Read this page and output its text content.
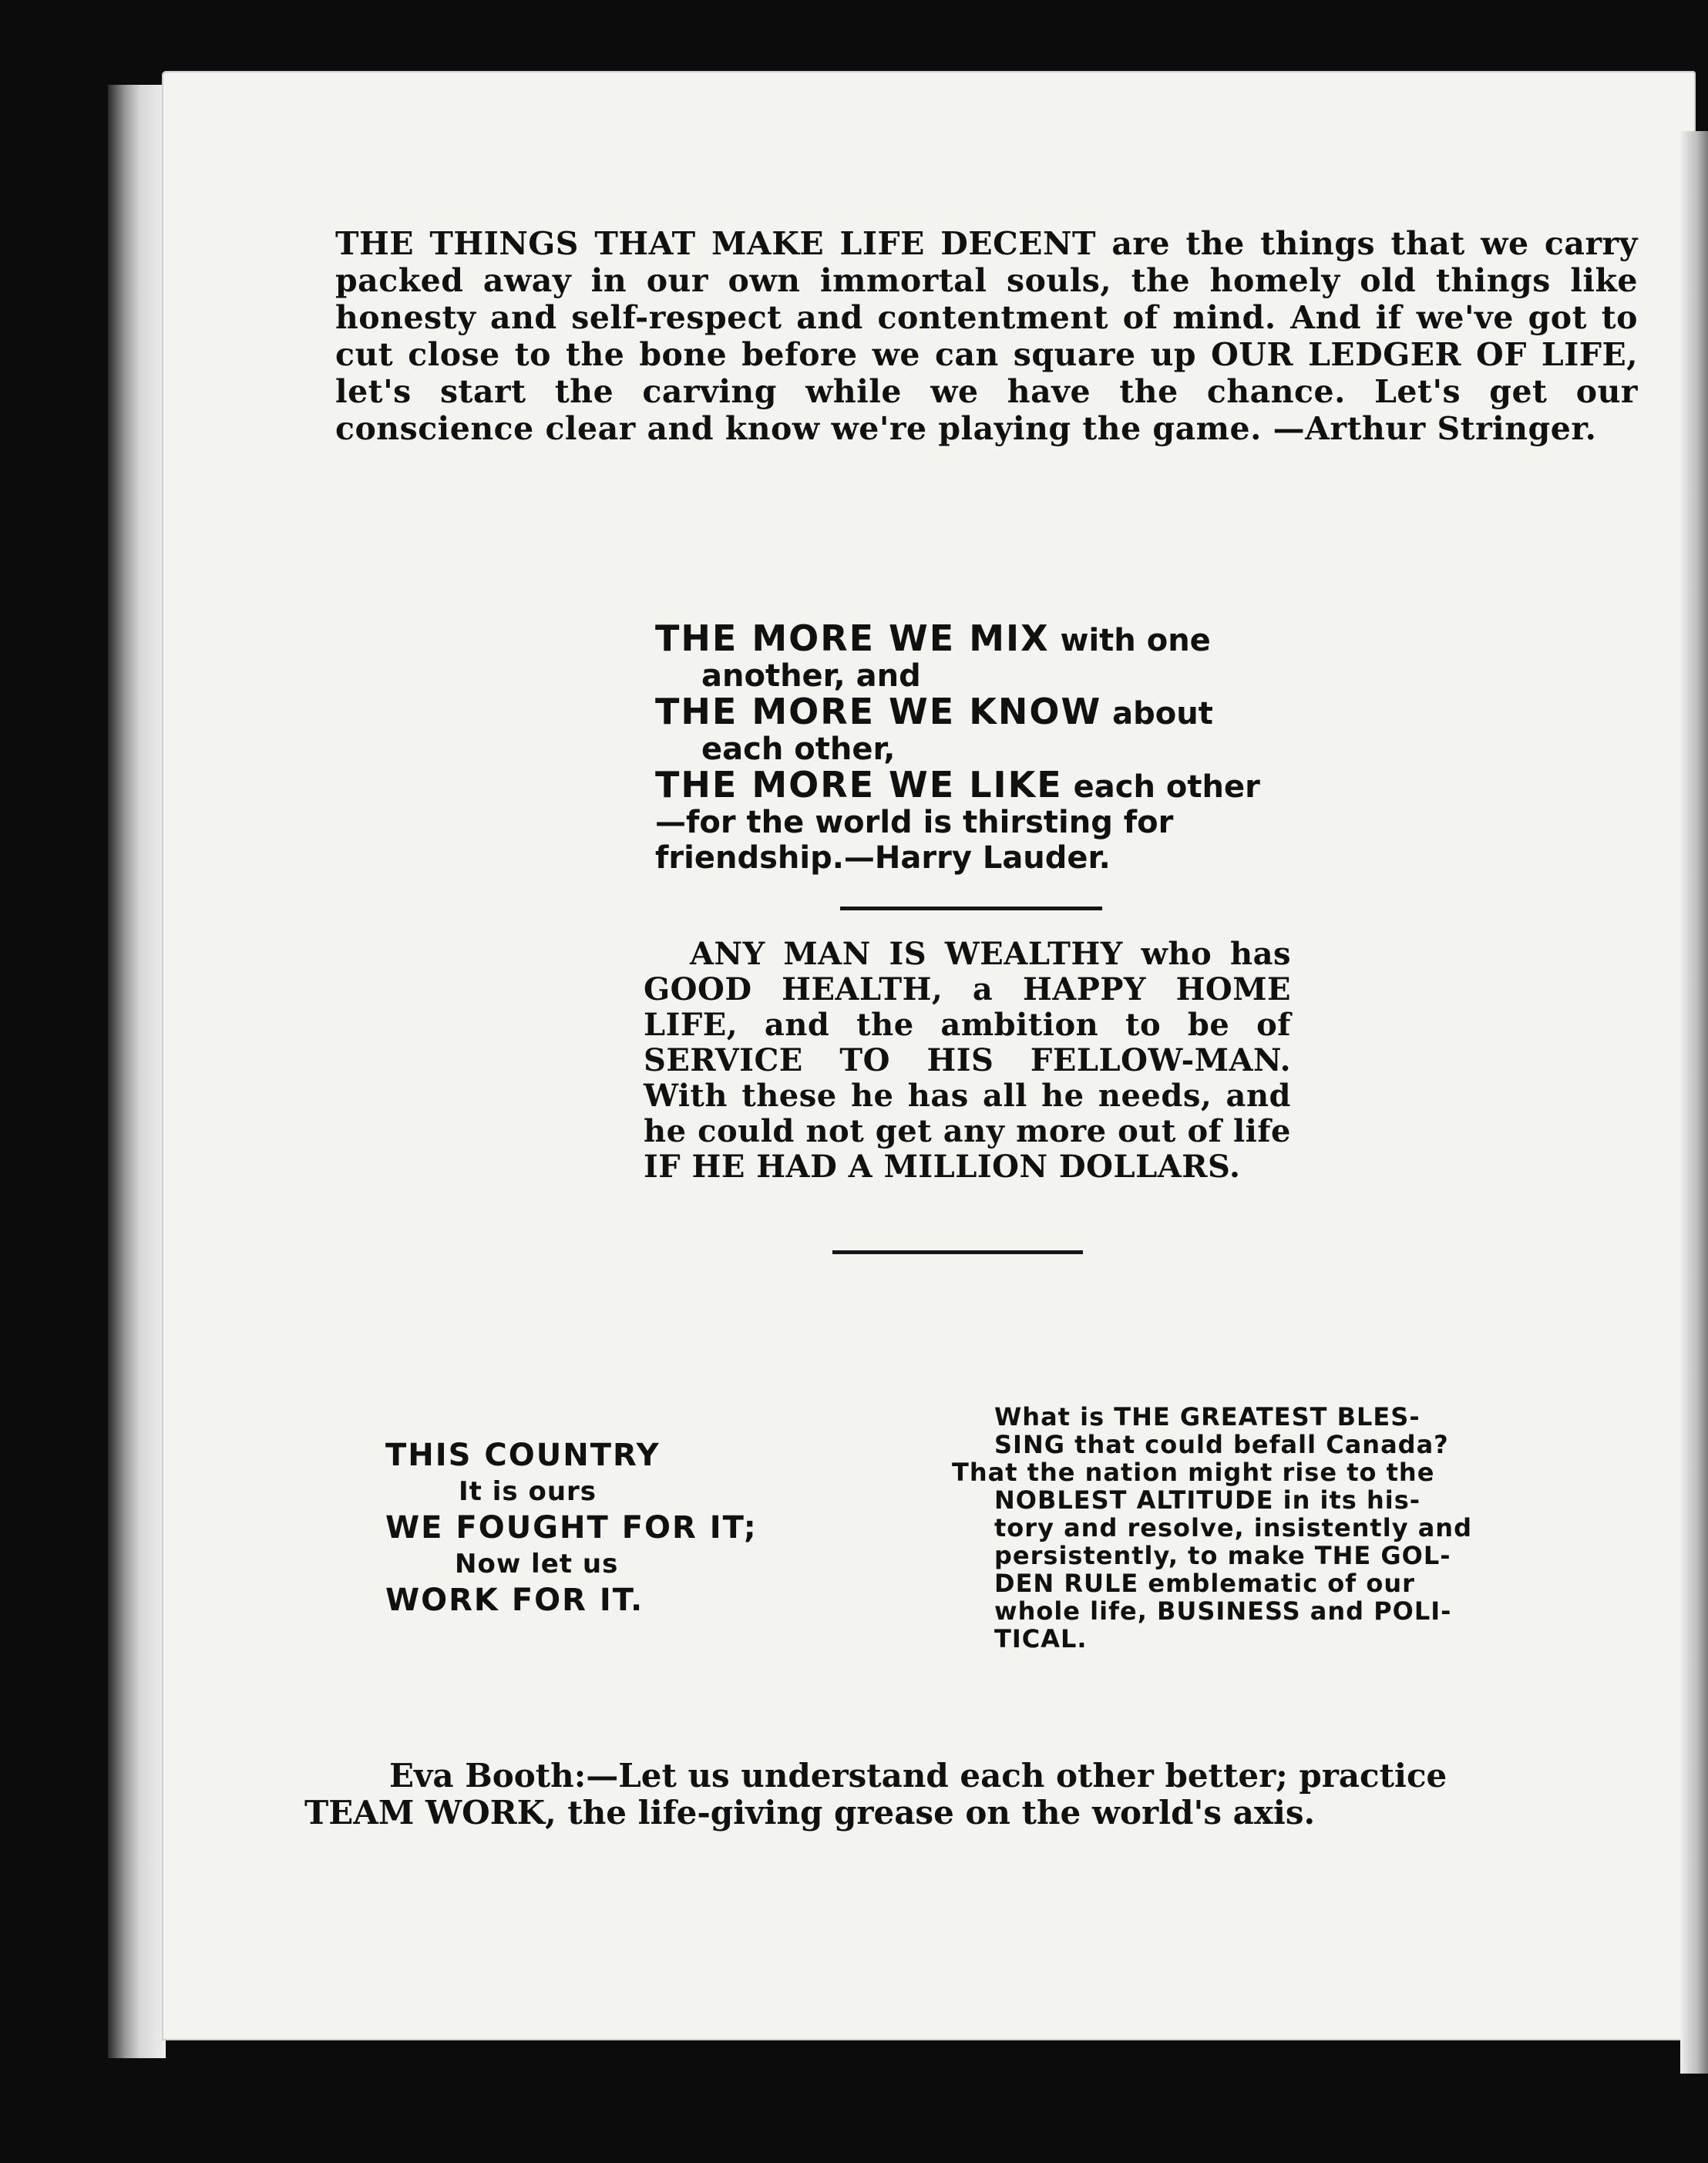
THE THINGS THAT MAKE LIFE DECENT are the things that we carry packed away in our own immortal souls, the homely old things like honesty and self-respect and contentment of mind. And if we've got to cut close to the bone before we can square up OUR LEDGER OF LIFE, let's start the carving while we have the chance. Let's get our conscience clear and know we're playing the game. —Arthur Stringer.
THE MORE WE MIX with one
another, and
THE MORE WE KNOW about
each other,
THE MORE WE LIKE each other
—for the world is thirsting for
friendship.—Harry Lauder.
ANY MAN IS WEALTHY who has GOOD HEALTH, a HAPPY HOME LIFE, and the ambition to be of SERVICE TO HIS FELLOW-MAN. With these he has all he needs, and he could not get any more out of life IF HE HAD A MILLION DOLLARS.
THIS COUNTRY
It is ours
WE FOUGHT FOR IT;
Now let us
WORK FOR IT.
What is THE GREATEST BLES-
SING that could befall Canada?
That the nation might rise to the
NOBLEST ALTITUDE in its his-
tory and resolve, insistently and
persistently, to make THE GOL-
DEN RULE emblematic of our
whole life, BUSINESS and POLI-
TICAL.
Eva Booth:—Let us understand each other better; practice
TEAM WORK, the life-giving grease on the world's axis.
